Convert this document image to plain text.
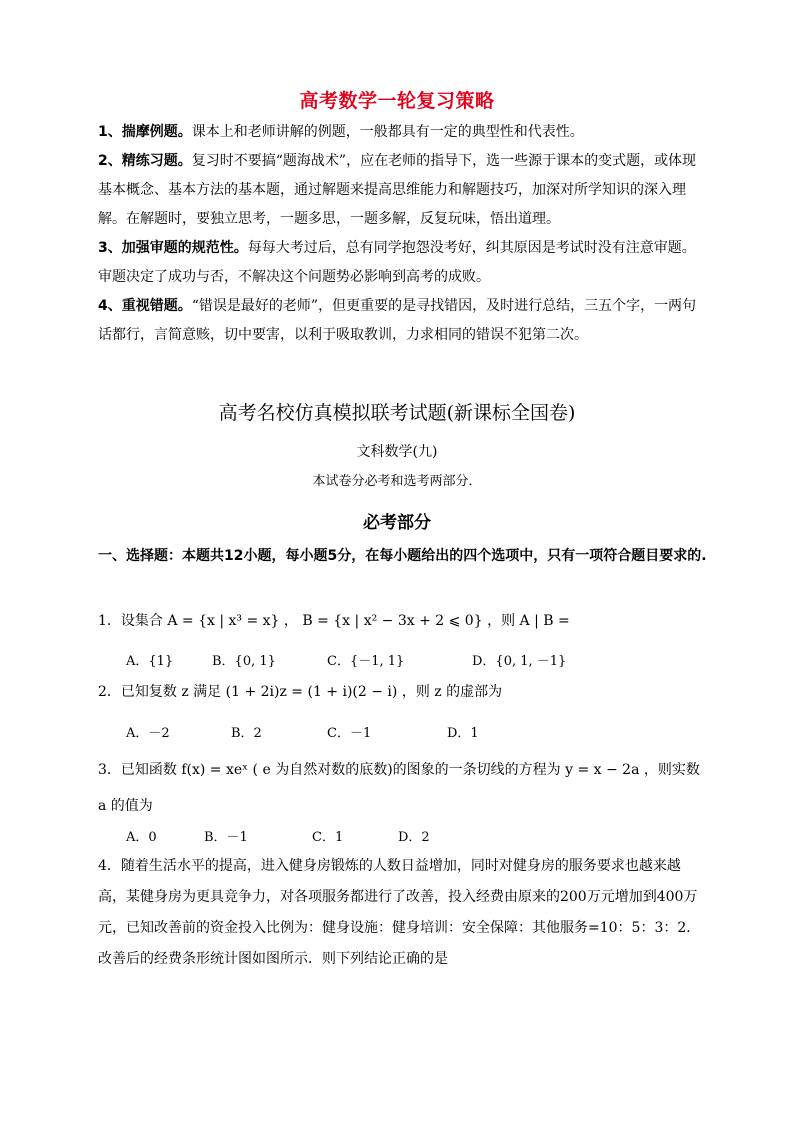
高考数学一轮复习策略
1、揣摩例题。课本上和老师讲解的例题，一般都具有一定的典型性和代表性。
2、精练习题。复习时不要搞“题海战术”，应在老师的指导下，选一些源于课本的变式题，或体现基本概念、基本方法的基本题，通过解题来提高思维能力和解题技巧，加深对所学知识的深入理解。在解题时，要独立思考，一题多思，一题多解，反复玩味，悟出道理。
3、加强审题的规范性。每每大考过后，总有同学抱怨没考好，纠其原因是考试时没有注意审题。审题决定了成功与否，不解决这个问题势必影响到高考的成败。
4、重视错题。“错误是最好的老师”，但更重要的是寻找错因，及时进行总结，三五个字，一两句话都行，言简意赅，切中要害，以利于吸取教训，力求相同的错误不犯第二次。
高考名校仿真模拟联考试题(新课标全国卷)
文科数学(九)
本试卷分必考和选考两部分．
必考部分
一、选择题：本题共12小题，每小题5分，在每小题给出的四个选项中，只有一项符合题目要求的.
1．设集合 A = {x | x³ = x} ， B = {x | x² − 3x + 2 ⩽ 0} ，则 A | B =
A．{1}	B．{0, 1}	C．{－1, 1}	D．{0, 1, －1}
2．已知复数 z 满足 (1 + 2i)z = (1 + i)(2 − i) ，则 z 的虚部为
A．－2	B．2	C．－1	D．1
3．已知函数 f(x) = xeˣ ( e 为自然对数的底数)的图象的一条切线的方程为 y = x − 2a ，则实数 a 的值为
A．0	B．－1	C．1	D．2
4．随着生活水平的提高，进入健身房锻炼的人数日益增加，同时对健身房的服务要求也越来越高，某健身房为更具竞争力，对各项服务都进行了改善，投入经费由原来的200万元增加到400万元，已知改善前的资金投入比例为：健身设施：健身培训：安全保障：其他服务=10：5：3：2．改善后的经费条形统计图如图所示．则下列结论正确的是
